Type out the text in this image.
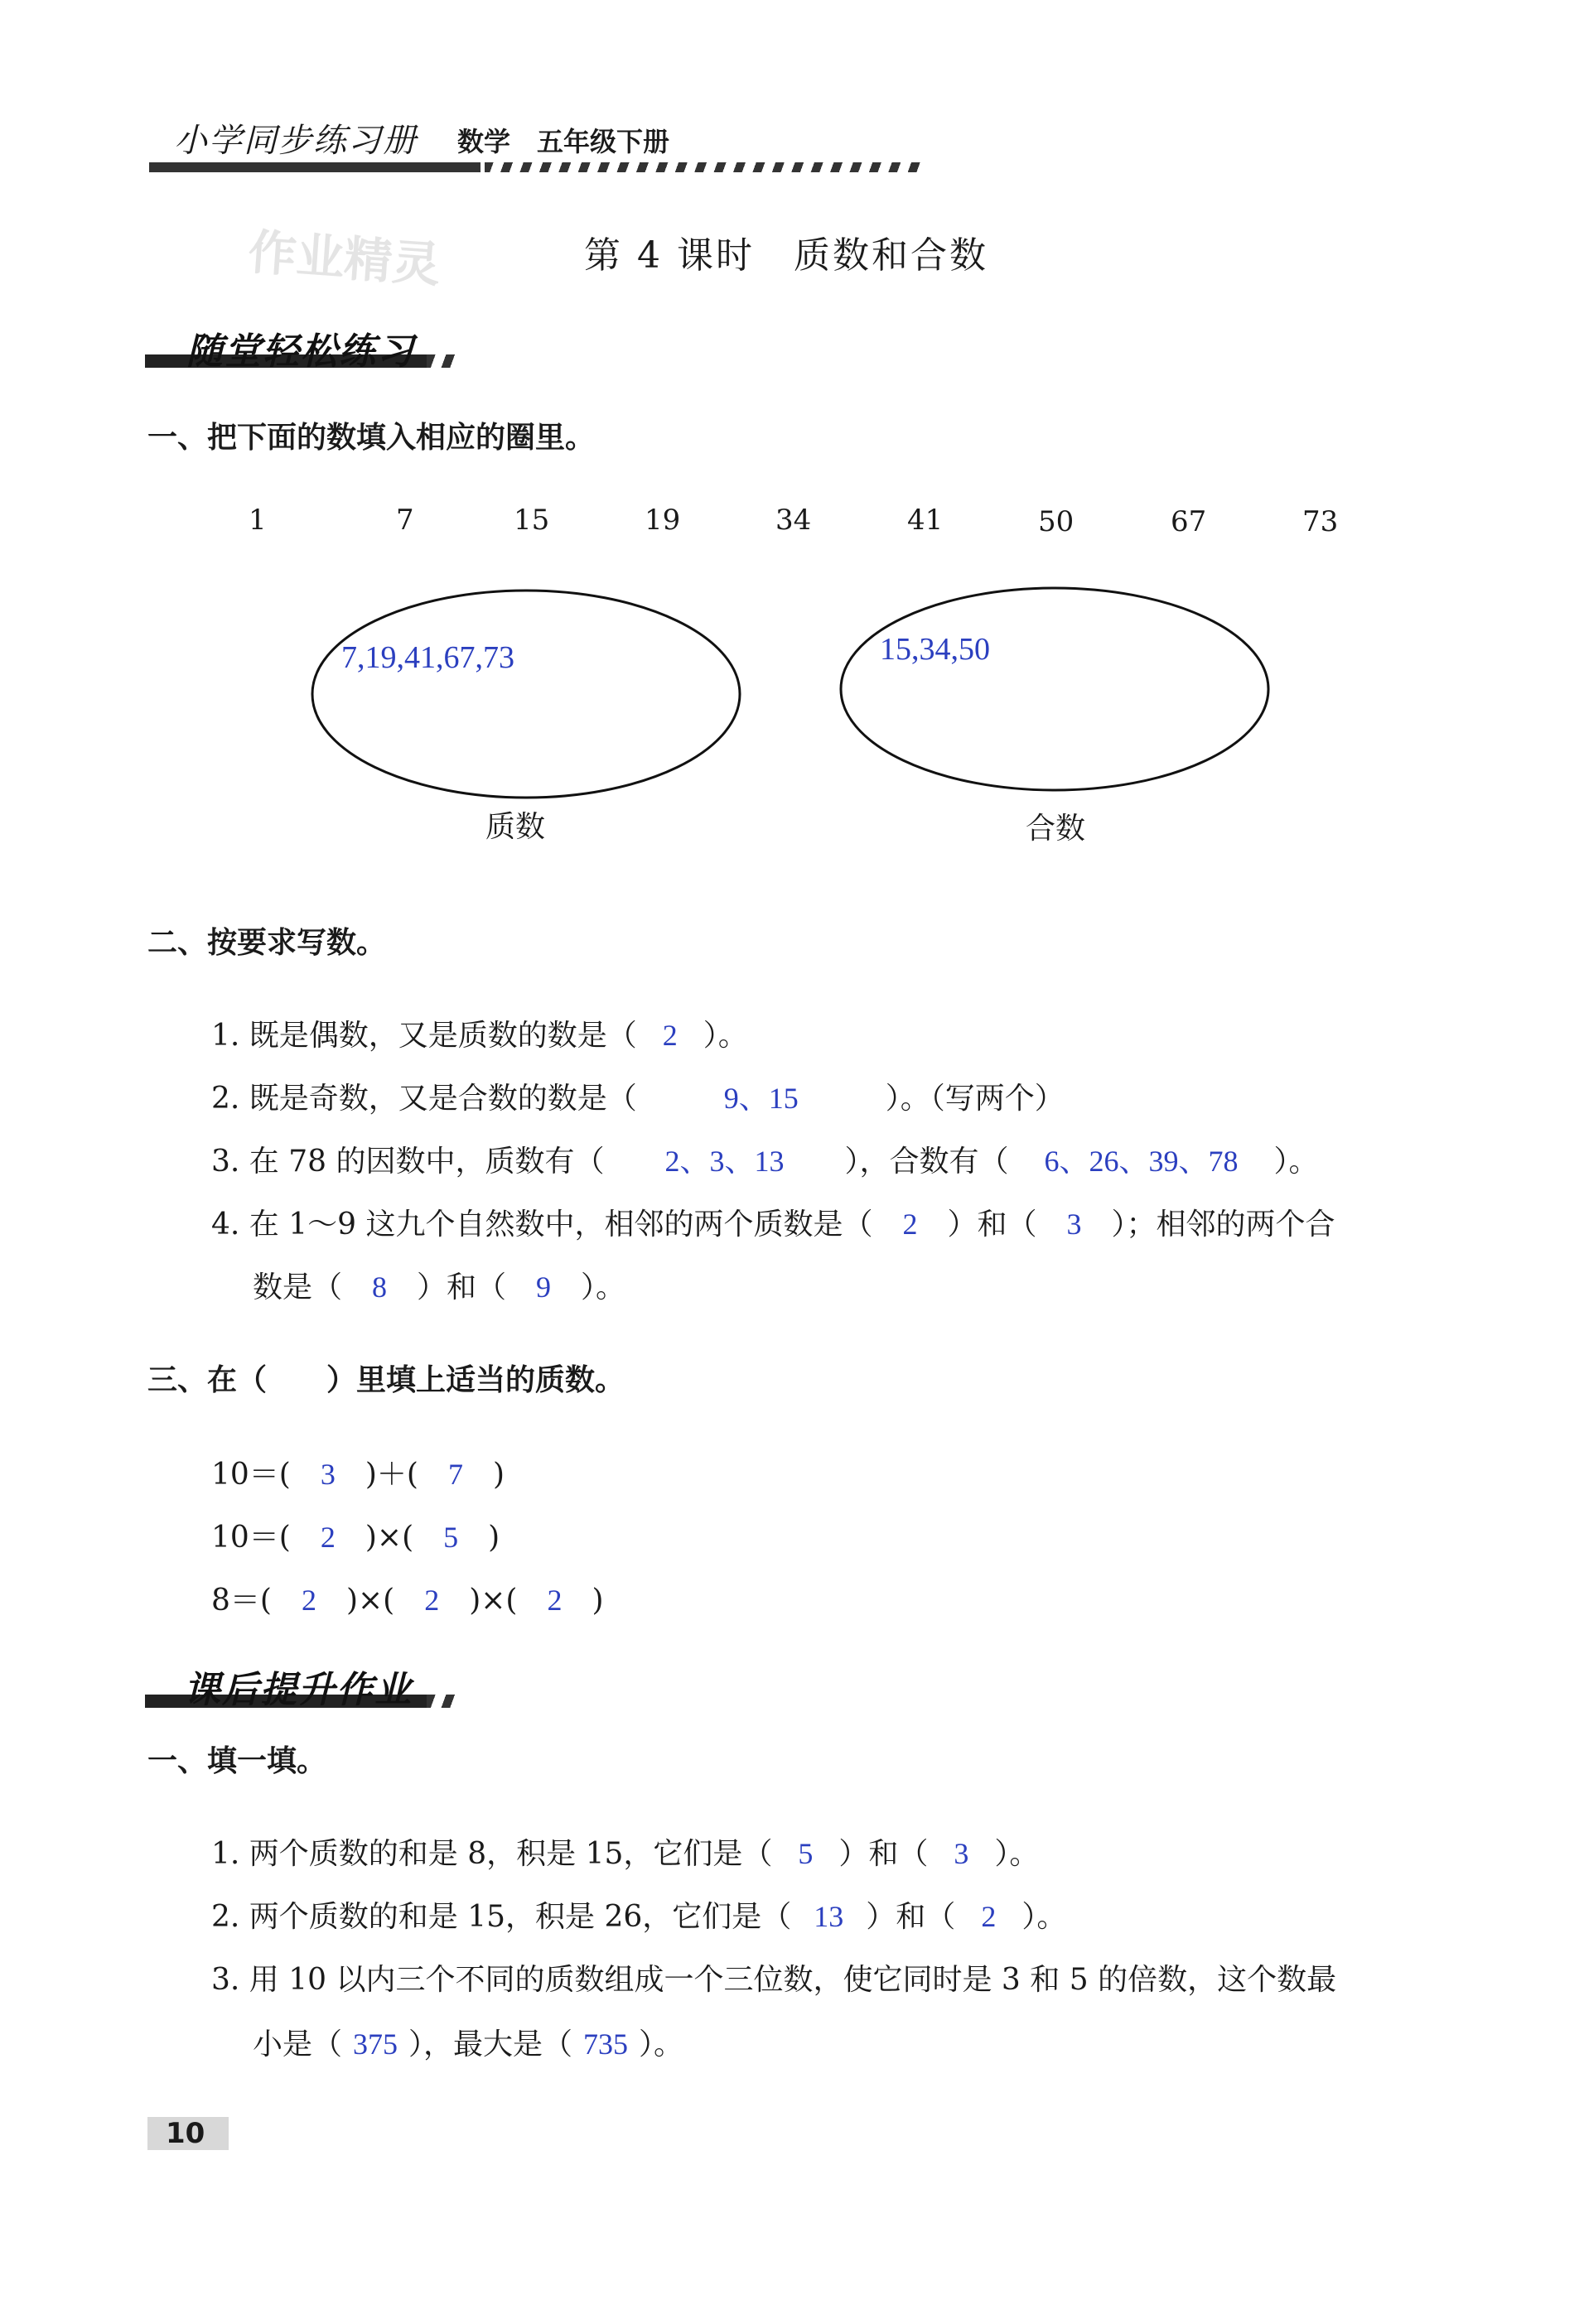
小学同步练习册 数学 五年级下册
作业精灵	第 4 课时　质数和合数
随堂轻松练习
一、把下面的数填入相应的圈里。
1	7	15	19	34	41	50	67	73
7,19,41,67,73	15,34,50
质数	合数
二、按要求写数。
1. 既是偶数，又是质数的数是（ 2 ）。
2. 既是奇数，又是合数的数是（	9、15	）。（写两个）
3. 在 78 的因数中，质数有（ 2、3、13 ），合数有（ 6、26、39、78 ）。
4. 在 1～9 这九个自然数中，相邻的两个质数是（ 2 ）和（ 3 ）；相邻的两个合
数是（ 8 ）和（ 9 ）。
三、在（　　）里填上适当的质数。
10＝( 3 )＋( 7 )
10＝( 2 )×( 5 )
8＝( 2 )×( 2 )×( 2 )
课后提升作业
一、填一填。
1. 两个质数的和是 8，积是 15，它们是（ 5 ）和（ 3 ）。
2. 两个质数的和是 15，积是 26，它们是（ 13 ）和（ 2 ）。
3. 用 10 以内三个不同的质数组成一个三位数，使它同时是 3 和 5 的倍数，这个数最
小是（ 375 ），最大是（ 735 ）。
10
